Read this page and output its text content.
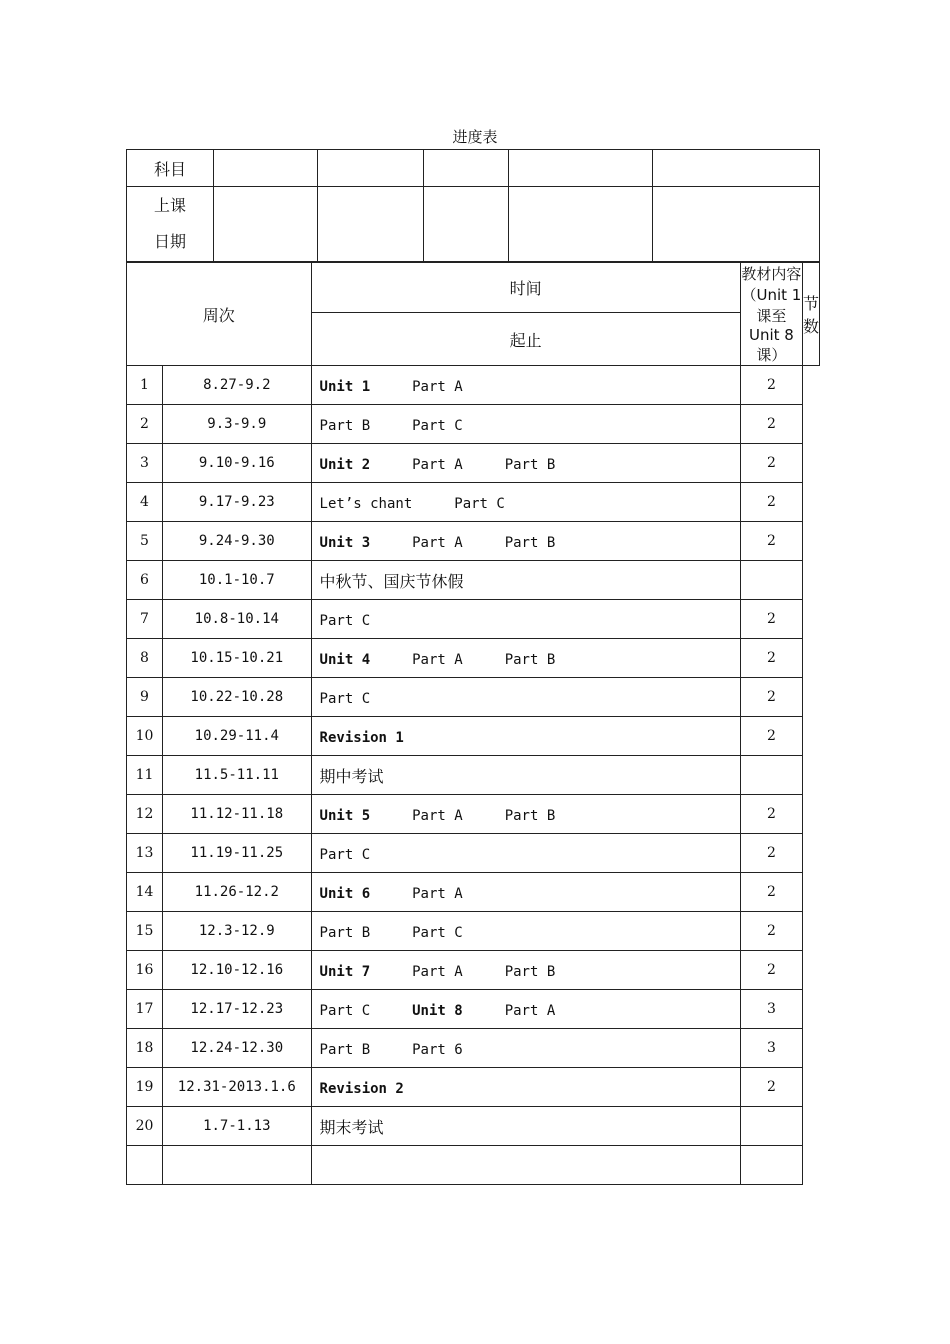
进度表
科目					

上课
日期					

周次		时间	教材内容（Unit 1 课至 Unit 8 课）	节数
		起止		
1	8.27-9.2	Unit 1 Part A	2	
2	9.3-9.9	Part B Part C	2	
3	9.10-9.16	Unit 2 Part A Part B	2	
4	9.17-9.23	Let’s chant Part C	2	
5	9.24-9.30	Unit 3 Part A Part B	2	
6	10.1-10.7	中秋节、国庆节休假		
7	10.8-10.14	Part C	2	
8	10.15-10.21	Unit 4 Part A Part B	2	
9	10.22-10.28	Part C	2	
10	10.29-11.4	Revision 1	2	
11	11.5-11.11	期中考试		
12	11.12-11.18	Unit 5 Part A Part B	2	
13	11.19-11.25	Part C	2	
14	11.26-12.2	Unit 6 Part A	2	
15	12.3-12.9	Part B Part C	2	
16	12.10-12.16	Unit 7 Part A Part B	2	
17	12.17-12.23	Part C Unit 8 Part A	3	
18	12.24-12.30	Part B Part 6	3	
19	12.31-2013.1.6	Revision 2	2	
20	1.7-1.13	期末考试		
